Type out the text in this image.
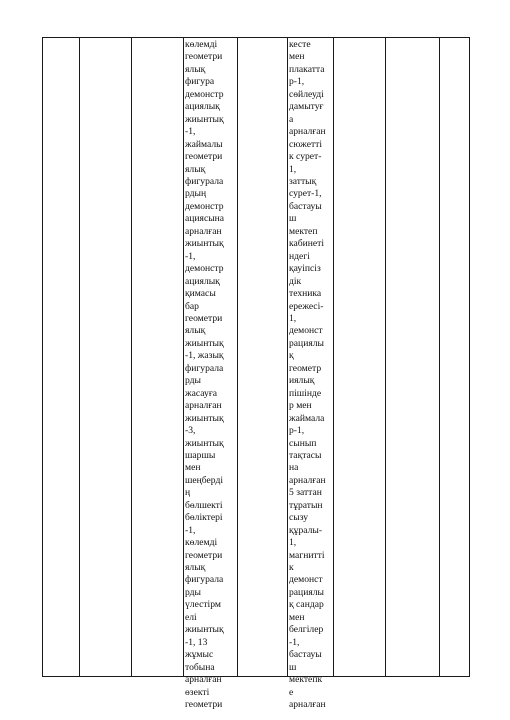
көлемді
геометри
ялық
фигура
демонстр
ациялық
жиынтық
-1,
жаймалы
геометри
ялық
фигурала
рдың
демонстр
ациясына
арналған
жиынтық
-1,
демонстр
ациялық
қимасы
бар
геометри
ялық
жиынтық
-1, жазық
фигурала
рды
жасауға
арналған
жиынтық
-3,
жиынтық
шаршы
мен
шеңберді
ң
бөлшекті
бөліктері
-1,
көлемді
геометри
ялық
фигурала
рды
үлестірм
елі
жиынтық
-1, 13
жұмыс
тобына
арналған
өзекті
геометри
кесте
мен
плакатта
р-1,
сөйлеуді
дамытуғ
а
арналған
сюжетті
к сурет-
1,
заттық
сурет-1,
бастауы
ш
мектеп
кабинеті
ндегі
қауіпсіз
дік
техника
ережесі-
1,
демонст
рациялы
қ
геометр
иялық
пішінде
р мен
жаймала
р-1,
сынып
тақтасы
на
арналған
5 заттан
тұратын
сызу
құралы-
1,
магнитті
к
демонст
рациялы
қ сандар
мен
белгілер
-1,
бастауы
ш
мектепк
е
арналған
